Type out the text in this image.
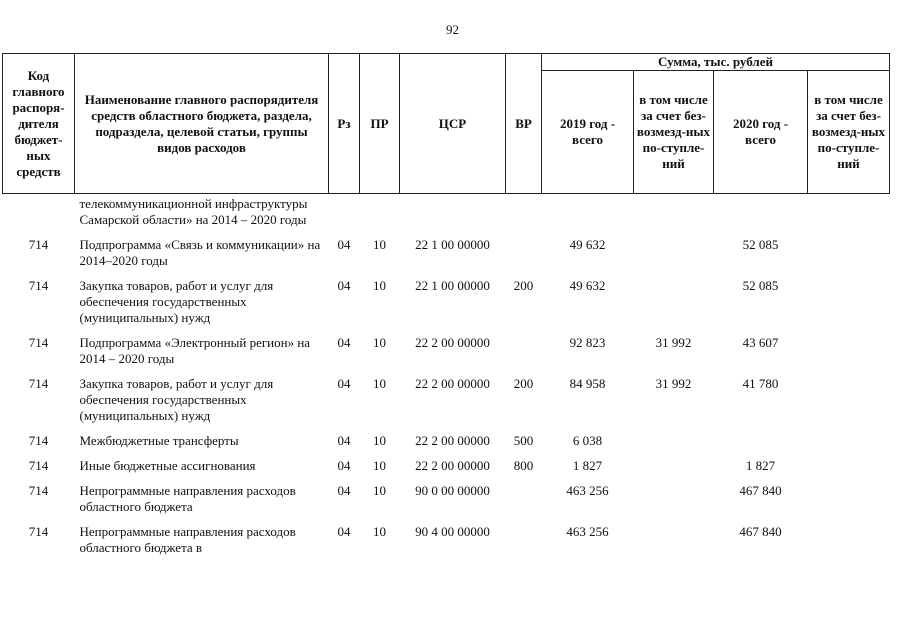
92
Код главного распоря-дителя бюджет-ных средств	Наименование главного распорядителя средств областного бюджета, раздела, подраздела, целевой статьи, группы видов расходов	Рз	ПР	ЦСР	ВР	Сумма, тыс. рублей			
						2019 год - всего	в том числе за счет без-возмезд-ных по-ступле-ний	2020 год - всего	в том числе за счет без-возмезд-ных по-ступле-ний
	телекоммуникационной инфраструктуры Самарской области» на 2014 – 2020 годы								
714	Подпрограмма «Связь и коммуникации» на 2014–2020 годы	04	10	22 1 00 00000		49 632		52 085	
714	Закупка товаров, работ и услуг для обеспечения государственных (муниципальных) нужд	04	10	22 1 00 00000	200	49 632		52 085	
714	Подпрограмма «Электронный регион» на 2014 – 2020 годы	04	10	22 2 00 00000		92 823	31 992	43 607	
714	Закупка товаров, работ и услуг для обеспечения государственных (муниципальных) нужд	04	10	22 2 00 00000	200	84 958	31 992	41 780	
714	Межбюджетные трансферты	04	10	22 2 00 00000	500	6 038			
714	Иные бюджетные ассигнования	04	10	22 2 00 00000	800	1 827		1 827	
714	Непрограммные направления расходов областного бюджета	04	10	90 0 00 00000		463 256		467 840	
714	Непрограммные направления расходов областного бюджета в	04	10	90 4 00 00000		463 256		467 840	
